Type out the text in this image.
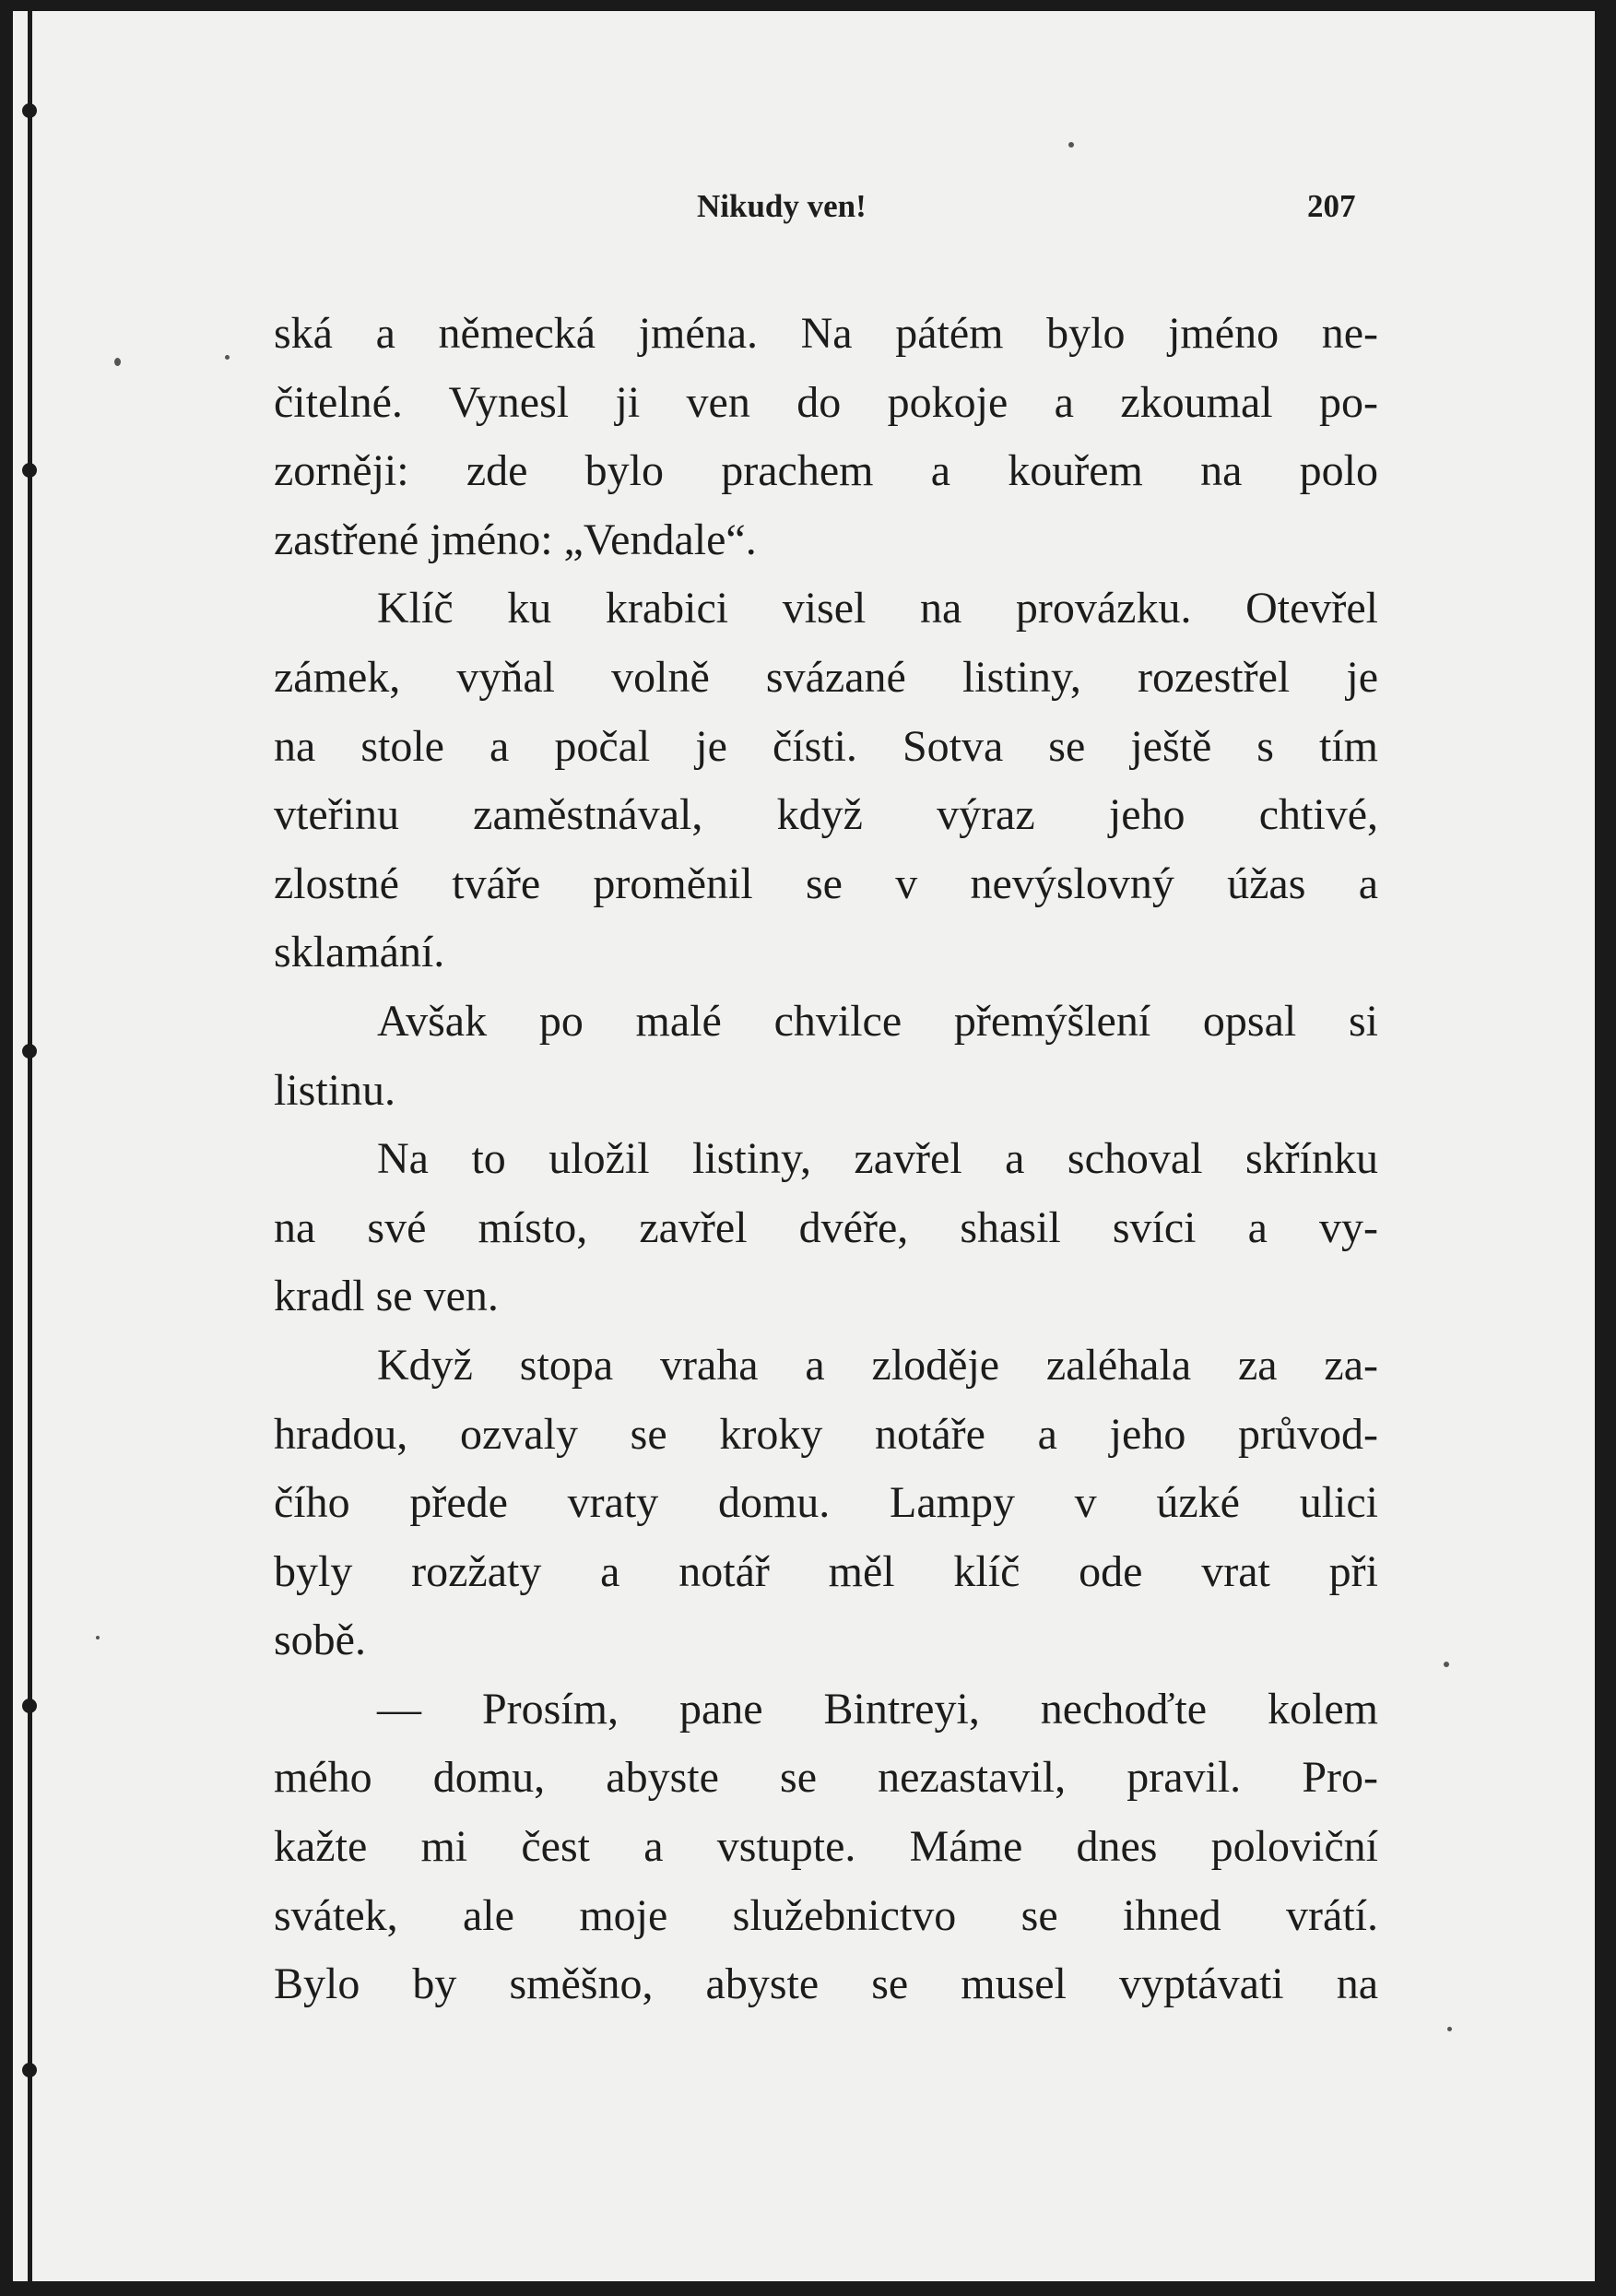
Nikudy ven!	207

ská a německá jména. Na pátém bylo jméno ne-
čitelné. Vynesl ji ven do pokoje a zkoumal po-
zorněji: zde bylo prachem a kouřem na polo
zastřené jméno: „Vendale“.

Klíč ku krabici visel na provázku. Otevřel
zámek, vyňal volně svázané listiny, rozestřel je
na stole a počal je čísti. Sotva se ještě s tím
vteřinu zaměstnával, když výraz jeho chtivé,
zlostné tváře proměnil se v nevýslovný úžas a
sklamání.

Avšak po malé chvilce přemýšlení opsal si
listinu.

Na to uložil listiny, zavřel a schoval skřínku
na své místo, zavřel dvéře, shasil svíci a vy-
kradl se ven.

Když stopa vraha a zloděje zaléhala za za-
hradou, ozvaly se kroky notáře a jeho průvod-
čího přede vraty domu. Lampy v úzké ulici
byly rozžaty a notář měl klíč ode vrat při
sobě.

— Prosím, pane Bintreyi, nechoďte kolem
mého domu, abyste se nezastavil, pravil. Pro-
kažte mi čest a vstupte. Máme dnes poloviční
svátek, ale moje služebnictvo se ihned vrátí.
Bylo by směšno, abyste se musel vyptávati na
